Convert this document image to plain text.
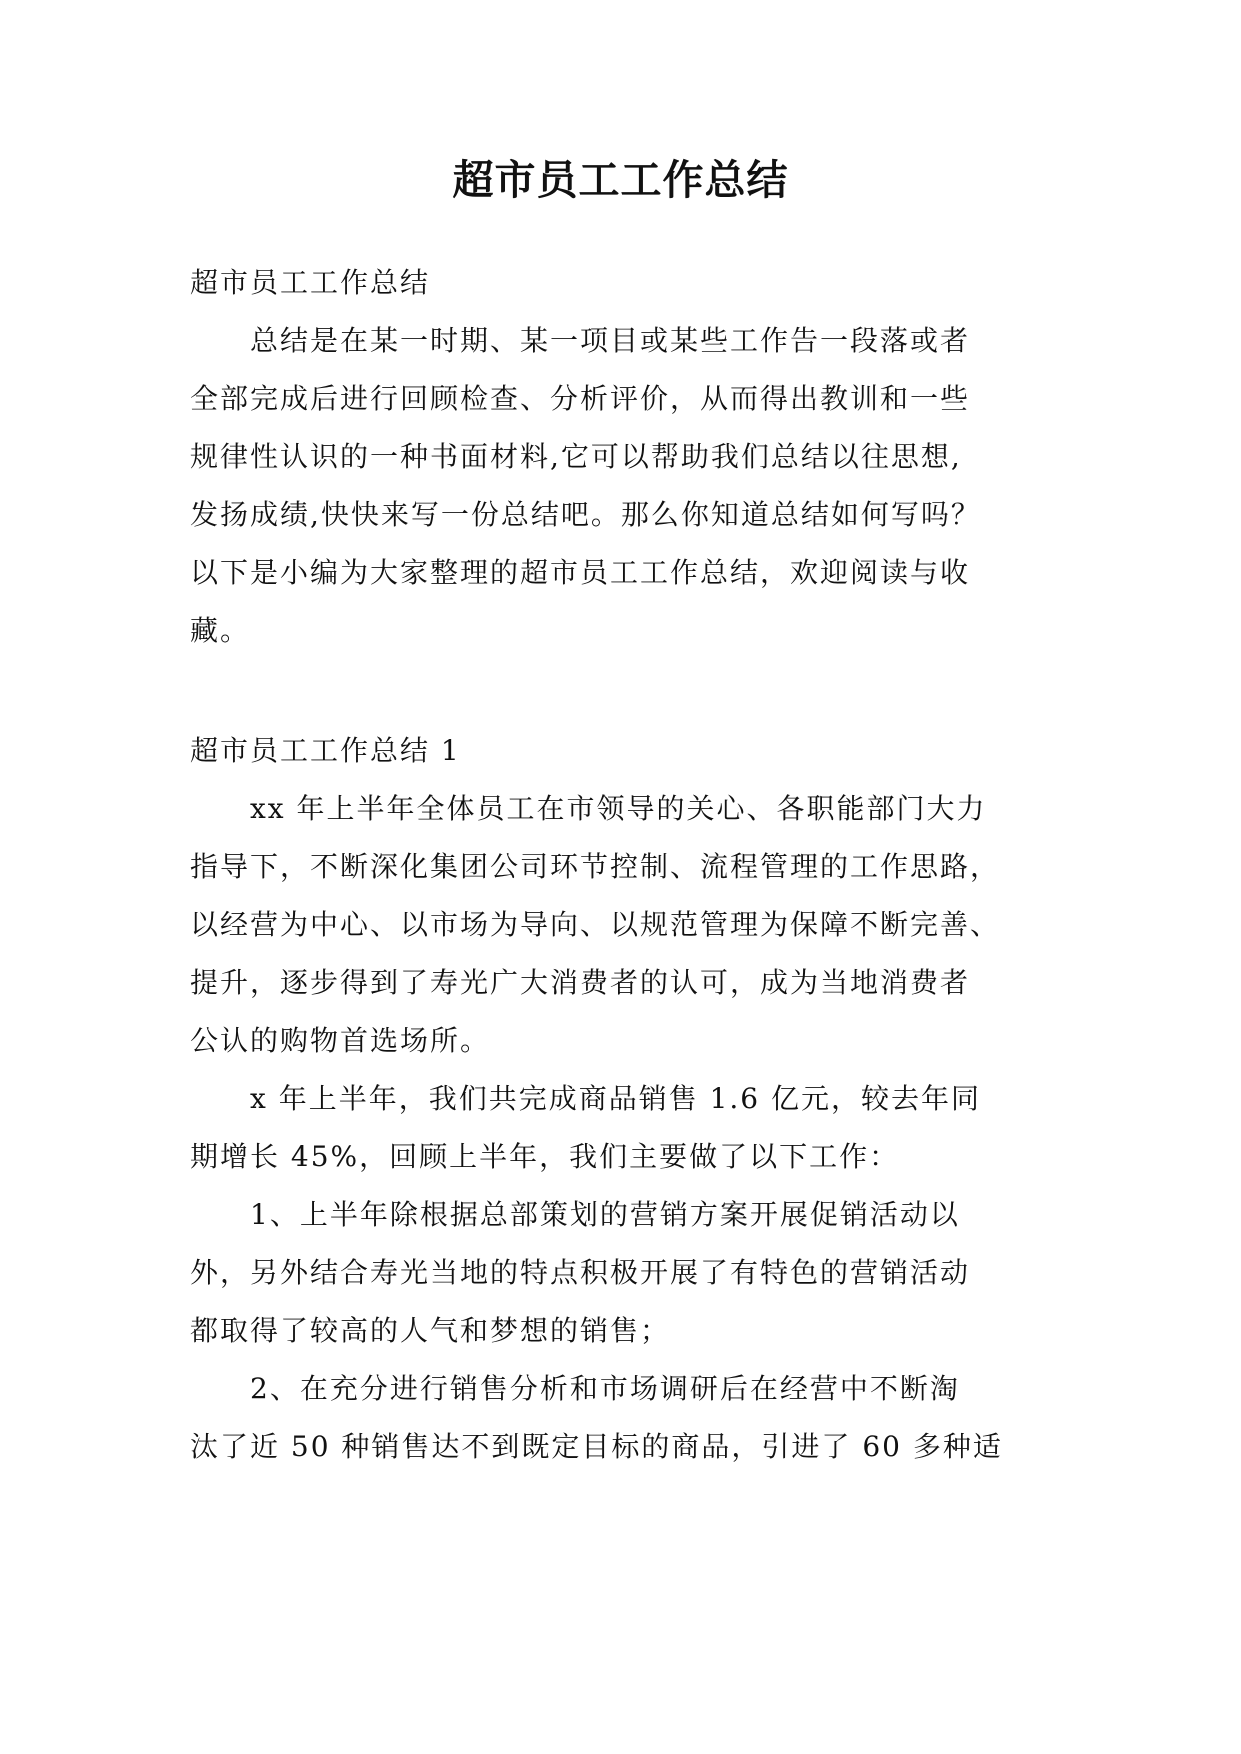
超市员工工作总结
超市员工工作总结
　　总结是在某一时期、某一项目或某些工作告一段落或者
全部完成后进行回顾检查、分析评价，从而得出教训和一些
规律性认识的一种书面材料,它可以帮助我们总结以往思想,
发扬成绩,快快来写一份总结吧。那么你知道总结如何写吗？
以下是小编为大家整理的超市员工工作总结，欢迎阅读与收
藏。
超市员工工作总结 1
　　xx 年上半年全体员工在市领导的关心、各职能部门大力
指导下，不断深化集团公司环节控制、流程管理的工作思路，
以经营为中心、以市场为导向、以规范管理为保障不断完善、
提升，逐步得到了寿光广大消费者的认可，成为当地消费者
公认的购物首选场所。
　　x 年上半年，我们共完成商品销售 1.6 亿元，较去年同
期增长 45%，回顾上半年，我们主要做了以下工作：
　　1、上半年除根据总部策划的营销方案开展促销活动以
外，另外结合寿光当地的特点积极开展了有特色的营销活动
都取得了较高的人气和梦想的销售；
　　2、在充分进行销售分析和市场调研后在经营中不断淘
汰了近 50 种销售达不到既定目标的商品，引进了 60 多种适
